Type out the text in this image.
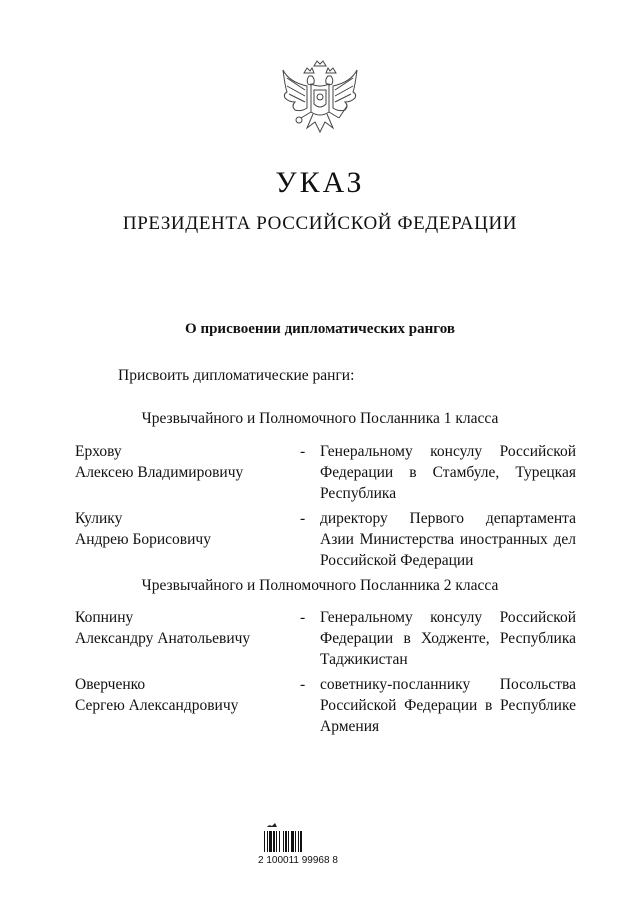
УКАЗ
ПРЕЗИДЕНТА РОССИЙСКОЙ ФЕДЕРАЦИИ
О присвоении дипломатических рангов
Присвоить дипломатические ранги:
Чрезвычайного и Полномочного Посланника 1 класса
Ерхову
Алексею Владимировичу
- Генеральному консулу Российской Федерации в Стамбуле, Турецкая Республика
Кулику
Андрею Борисовичу
- директору Первого департамента Азии Министерства иностранных дел Российской Федерации
Чрезвычайного и Полномочного Посланника 2 класса
Копнину
Александру Анатольевичу
- Генеральному консулу Российской Федерации в Ходженте, Республика Таджикистан
Оверченко
Сергею Александровичу
- советнику-посланнику Посольства Российской Федерации в Республике Армения
2 100011 99968 8
